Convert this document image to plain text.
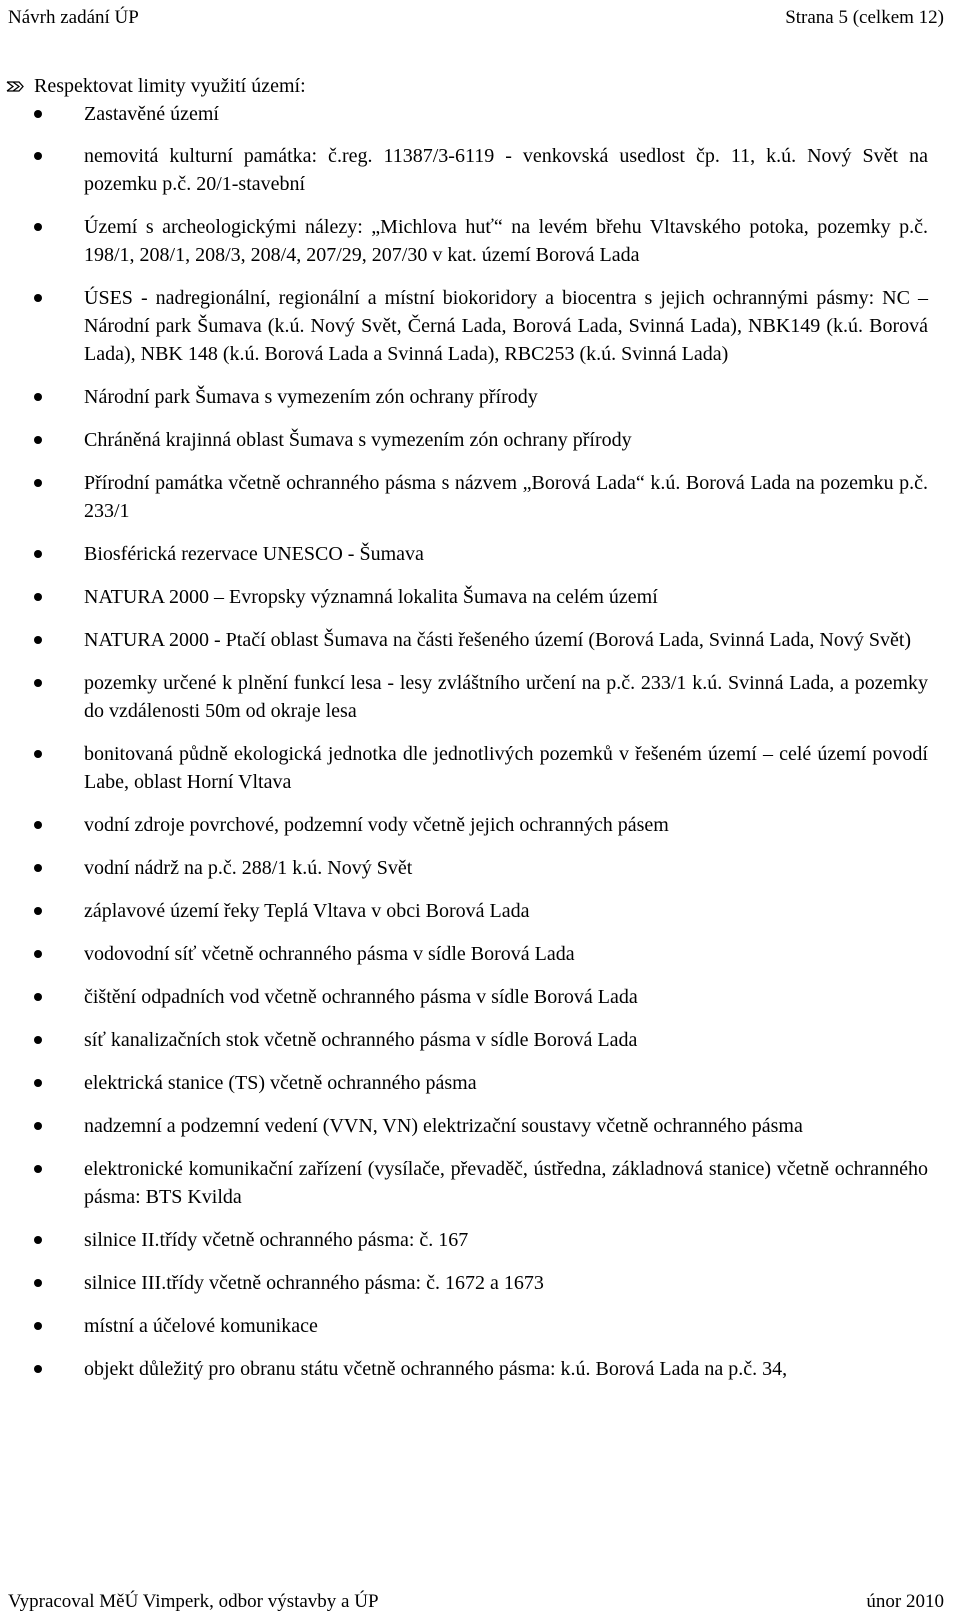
Návrh zadání ÚP	Strana 5 (celkem 12)
Respektovat limity využití území:
Zastavěné území
nemovitá kulturní památka: č.reg. 11387/3-6119 - venkovská usedlost čp. 11, k.ú. Nový Svět na pozemku p.č. 20/1-stavební
Území s archeologickými nálezy: „Michlova huť“ na levém břehu Vltavského potoka, pozemky p.č. 198/1, 208/1, 208/3, 208/4, 207/29, 207/30 v kat. území Borová Lada
ÚSES - nadregionální, regionální a místní biokoridory a biocentra s jejich ochrannými pásmy: NC – Národní park Šumava (k.ú. Nový Svět, Černá Lada, Borová Lada, Svinná Lada), NBK149 (k.ú. Borová Lada), NBK 148 (k.ú. Borová Lada a Svinná Lada), RBC253 (k.ú. Svinná Lada)
Národní park Šumava s vymezením zón ochrany přírody
Chráněná krajinná oblast Šumava s vymezením zón ochrany přírody
Přírodní památka včetně ochranného pásma s názvem „Borová Lada“ k.ú. Borová Lada na pozemku p.č. 233/1
Biosférická rezervace UNESCO - Šumava
NATURA 2000 – Evropsky významná lokalita Šumava na celém území
NATURA 2000 - Ptačí oblast Šumava na části řešeného území (Borová Lada, Svinná Lada, Nový Svět)
pozemky určené k plnění funkcí lesa - lesy zvláštního určení na p.č. 233/1 k.ú. Svinná Lada, a pozemky do vzdálenosti 50m od okraje lesa
bonitovaná půdně ekologická jednotka dle jednotlivých pozemků v řešeném území – celé území povodí Labe, oblast Horní Vltava
vodní zdroje povrchové, podzemní vody včetně jejich ochranných pásem
vodní nádrž na p.č. 288/1 k.ú. Nový Svět
záplavové území řeky Teplá Vltava v obci Borová Lada
vodovodní síť včetně ochranného pásma v sídle Borová Lada
čištění odpadních vod včetně ochranného pásma v sídle Borová Lada
síť kanalizačních stok včetně ochranného pásma v sídle Borová Lada
elektrická stanice (TS) včetně ochranného pásma
nadzemní a podzemní vedení (VVN, VN) elektrizační soustavy včetně ochranného pásma
elektronické komunikační zařízení (vysílače, převaděč, ústředna, základnová stanice) včetně ochranného pásma: BTS Kvilda
silnice II.třídy včetně ochranného pásma: č. 167
silnice III.třídy včetně ochranného pásma: č. 1672 a 1673
místní a účelové komunikace
objekt důležitý pro obranu státu včetně ochranného pásma: k.ú. Borová Lada na p.č. 34,
Vypracoval MěÚ Vimperk, odbor výstavby a ÚP	únor 2010
